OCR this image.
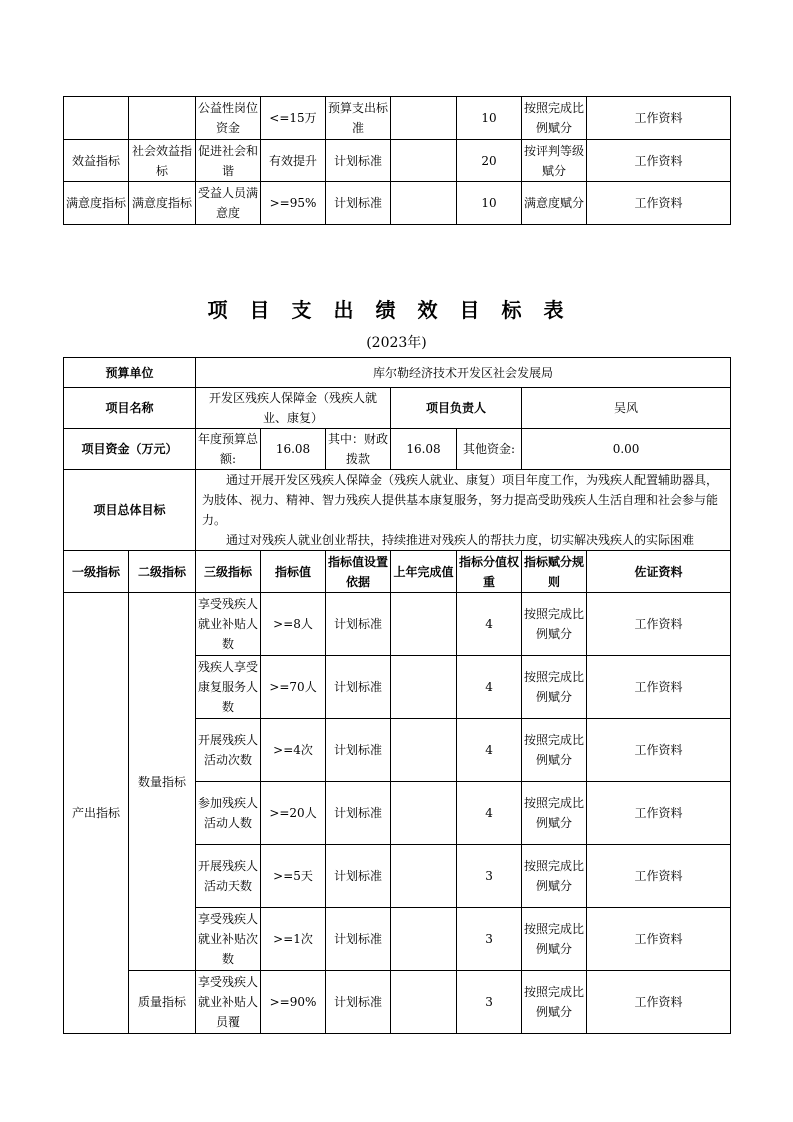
		公益性岗位资金	<=15万	预算支出标准		10	按照完成比例赋分	工作资料
效益指标	社会效益指标	促进社会和谐	有效提升	计划标准		20	按评判等级赋分	工作资料
满意度指标	满意度指标	受益人员满意度	>=95%	计划标准		10	满意度赋分	工作资料
项目支出绩效目标表
(2023年)
预算单位		库尔勒经济技术开发区社会发展局						
项目名称		开发区残疾人保障金（残疾人就业、康复）			项目负责人		吴风	
项目资金（万元）		年度预算总额:	16.08	其中：财政拨款	16.08	其他资金:	0.00	
项目总体目标		通过开展开发区残疾人保障金（残疾人就业、康复）项目年度工作，为残疾人配置辅助器具，为肢体、视力、精神、智力残疾人提供基本康复服务，努力提高受助残疾人生活自理和社会参与能力。
通过对残疾人就业创业帮扶，持续推进对残疾人的帮扶力度，切实解决残疾人的实际困难						

一级指标	二级指标	三级指标	指标值	指标值设置依据	上年完成值	指标分值权重	指标赋分规则	佐证资料
产出指标	数量指标	享受残疾人就业补贴人数	>=8人	计划标准		4	按照完成比例赋分	工作资料
		残疾人享受康复服务人数	>=70人	计划标准		4	按照完成比例赋分	工作资料
		开展残疾人活动次数	>=4次	计划标准		4	按照完成比例赋分	工作资料
		参加残疾人活动人数	>=20人	计划标准		4	按照完成比例赋分	工作资料
		开展残疾人活动天数	>=5天	计划标准		3	按照完成比例赋分	工作资料
		享受残疾人就业补贴次数	>=1次	计划标准		3	按照完成比例赋分	工作资料
	质量指标	享受残疾人就业补贴人员覆	>=90%	计划标准		3	按照完成比例赋分	工作资料
